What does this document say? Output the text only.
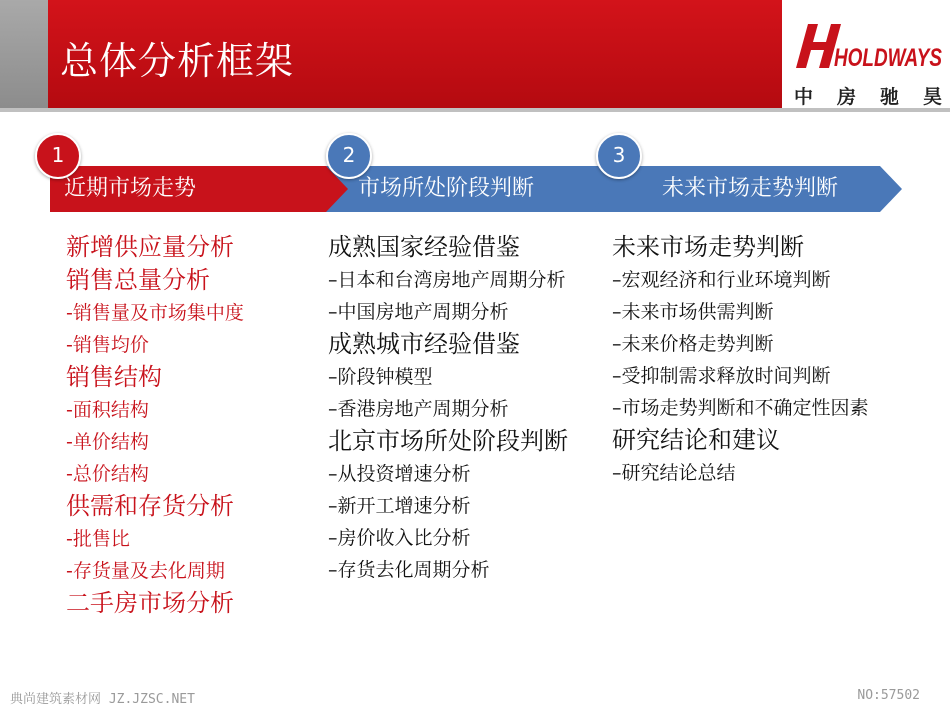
总体分析框架	HOLDWAYS
中 房 驰 昊
近期市场走势	市场所处阶段判断	未来市场走势判断
1	2	3
新增供应量分析
销售总量分析
-销售量及市场集中度
-销售均价
销售结构
-面积结构
-单价结构
-总价结构
供需和存货分析
-批售比
-存货量及去化周期
二手房市场分析
成熟国家经验借鉴
–日本和台湾房地产周期分析
–中国房地产周期分析
成熟城市经验借鉴
–阶段钟模型
–香港房地产周期分析
北京市场所处阶段判断
–从投资增速分析
–新开工增速分析
–房价收入比分析
–存货去化周期分析
未来市场走势判断
–宏观经济和行业环境判断
–未来市场供需判断
–未来价格走势判断
–受抑制需求释放时间判断
–市场走势判断和不确定性因素
研究结论和建议
–研究结论总结
典尚建筑素材网 JZ.JZSC.NET	NO:57502
